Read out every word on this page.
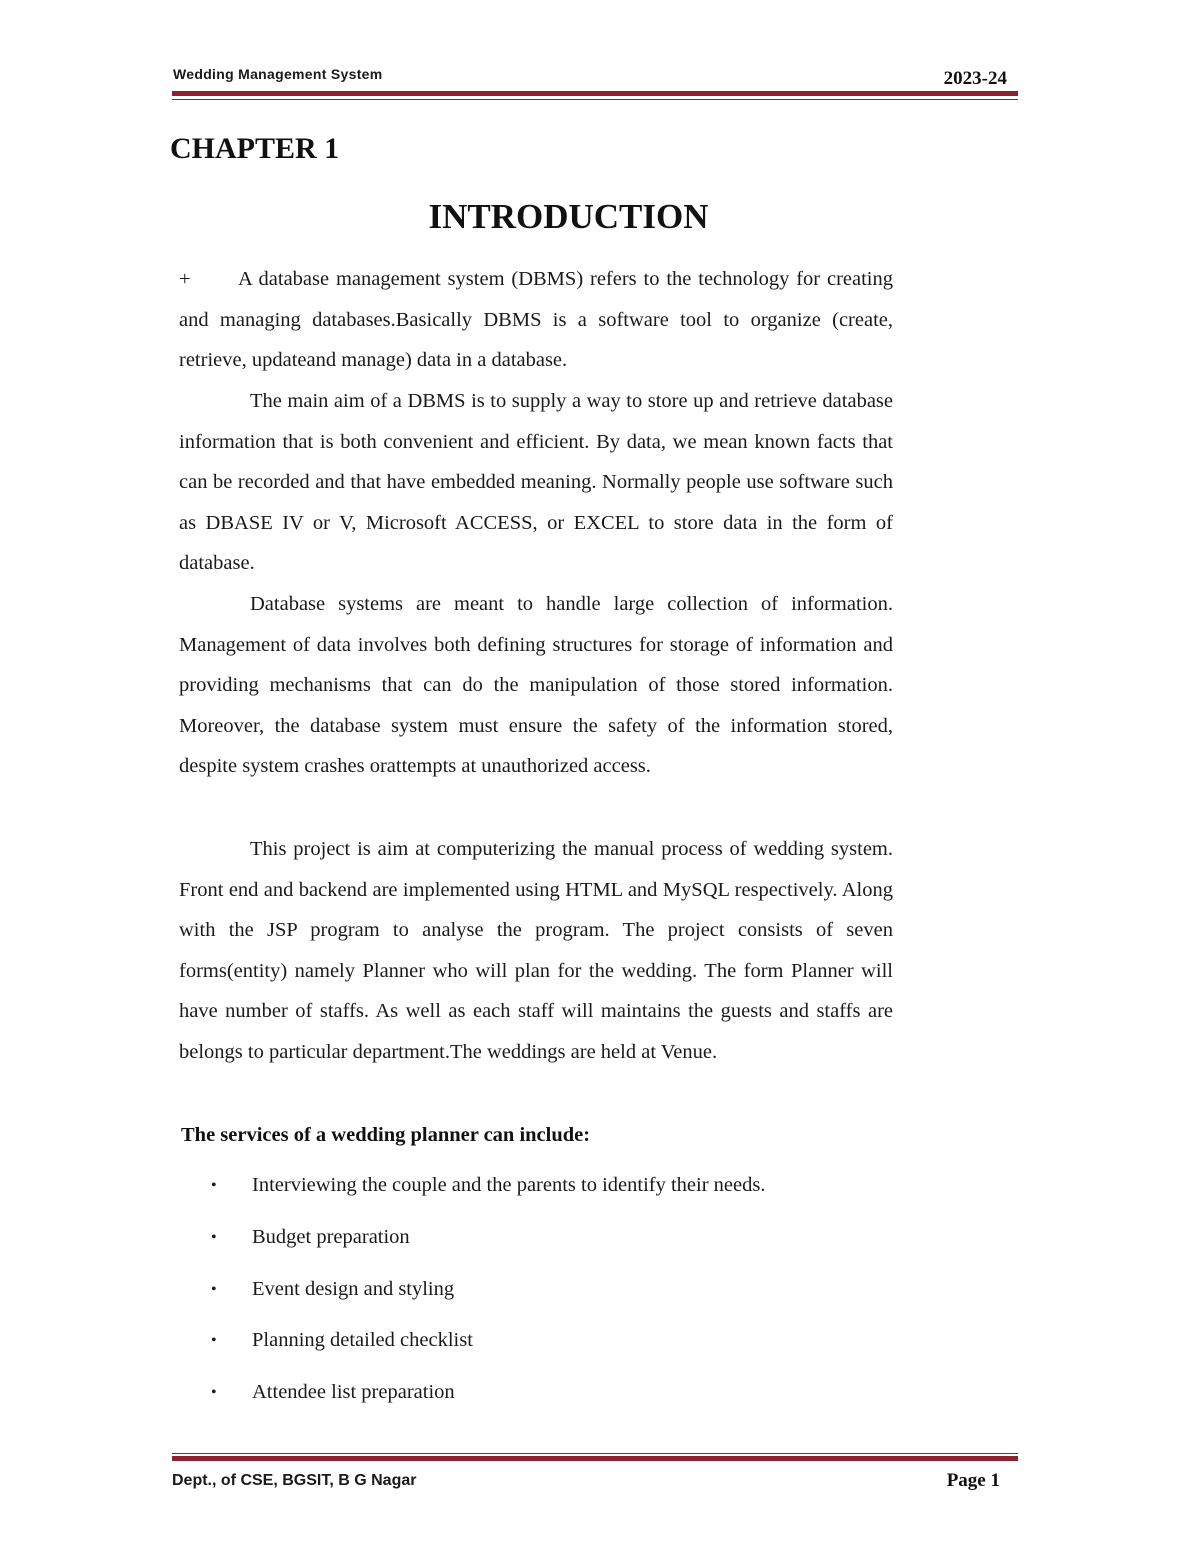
Wedding Management System	2023-24
CHAPTER 1
INTRODUCTION
+ A database management system (DBMS) refers to the technology for creating and managing databases.Basically DBMS is a software tool to organize (create, retrieve, updateand manage) data in a database.
The main aim of a DBMS is to supply a way to store up and retrieve database information that is both convenient and efficient. By data, we mean known facts that can be recorded and that have embedded meaning. Normally people use software such as DBASE IV or V, Microsoft ACCESS, or EXCEL to store data in the form of database.
Database systems are meant to handle large collection of information. Management of data involves both defining structures for storage of information and providing mechanisms that can do the manipulation of those stored information. Moreover, the database system must ensure the safety of the information stored, despite system crashes orattempts at unauthorized access.
This project is aim at computerizing the manual process of wedding system. Front end and backend are implemented using HTML and MySQL respectively. Along with the JSP program to analyse the program. The project consists of seven forms(entity) namely Planner who will plan for the wedding. The form Planner will have number of staffs. As well as each staff will maintains the guests and staffs are belongs to particular department.The weddings are held at Venue.
The services of a wedding planner can include:
• Interviewing the couple and the parents to identify their needs.
• Budget preparation
• Event design and styling
• Planning detailed checklist
• Attendee list preparation
Dept., of CSE, BGSIT, B G Nagar	Page 1
